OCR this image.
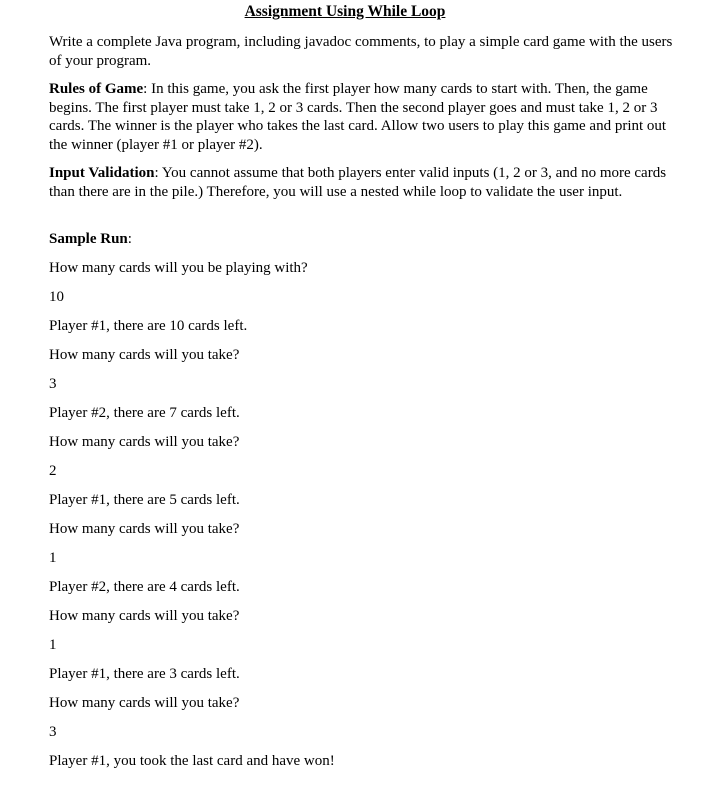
Assignment Using While Loop

Write a complete Java program, including javadoc comments, to play a simple card game with the users of your program.

Rules of Game: In this game, you ask the first player how many cards to start with. Then, the game begins. The first player must take 1, 2 or 3 cards. Then the second player goes and must take 1, 2 or 3 cards. The winner is the player who takes the last card. Allow two users to play this game and print out the winner (player #1 or player #2).

Input Validation: You cannot assume that both players enter valid inputs (1, 2 or 3, and no more cards than there are in the pile.) Therefore, you will use a nested while loop to validate the user input.

Sample Run:

How many cards will you be playing with?

10

Player #1, there are 10 cards left.

How many cards will you take?

3

Player #2, there are 7 cards left.

How many cards will you take?

2

Player #1, there are 5 cards left.

How many cards will you take?

1

Player #2, there are 4 cards left.

How many cards will you take?

1

Player #1, there are 3 cards left.

How many cards will you take?

3

Player #1, you took the last card and have won!
